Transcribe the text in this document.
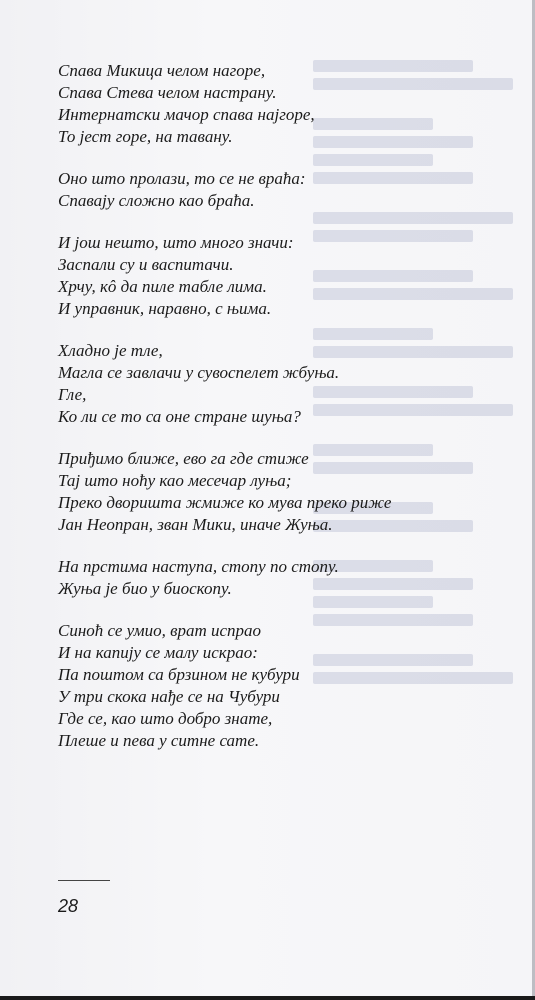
Спава Микица челом нагоре,
Спава Стева челом настрану.
Интернатски мачор спава најгоре,
То јест горе, на тавану.
Оно што пролази, то се не враћа:
Спавају сложно као браћа.
И још нешто, што много значи:
Заспали су и васпитачи.
Хрчу, кô да пиле табле лима.
И управник, наравно, с њима.
Хладно је тле,
Магла се завлачи у сувоспелет жбуња.
Гле,
Ко ли се то са оне стране шуња?
Приђимо ближе, ево га где стиже
Тај што ноћу као месечар луња;
Преко дворишта жмиже ко мува преко риже
Јан Неопран, зван Мики, иначе Жуња.
На прстима наступа, стопу по стопу.
Жуња је био у биоскопу.
Синоћ се умио, врат испрао
И на капију се малу искрао:
Па поштом са брзином не кубури
У три скока нађе се на Чубури
Где се, као што добро знате,
Плеше и пева у ситне сате.
28
